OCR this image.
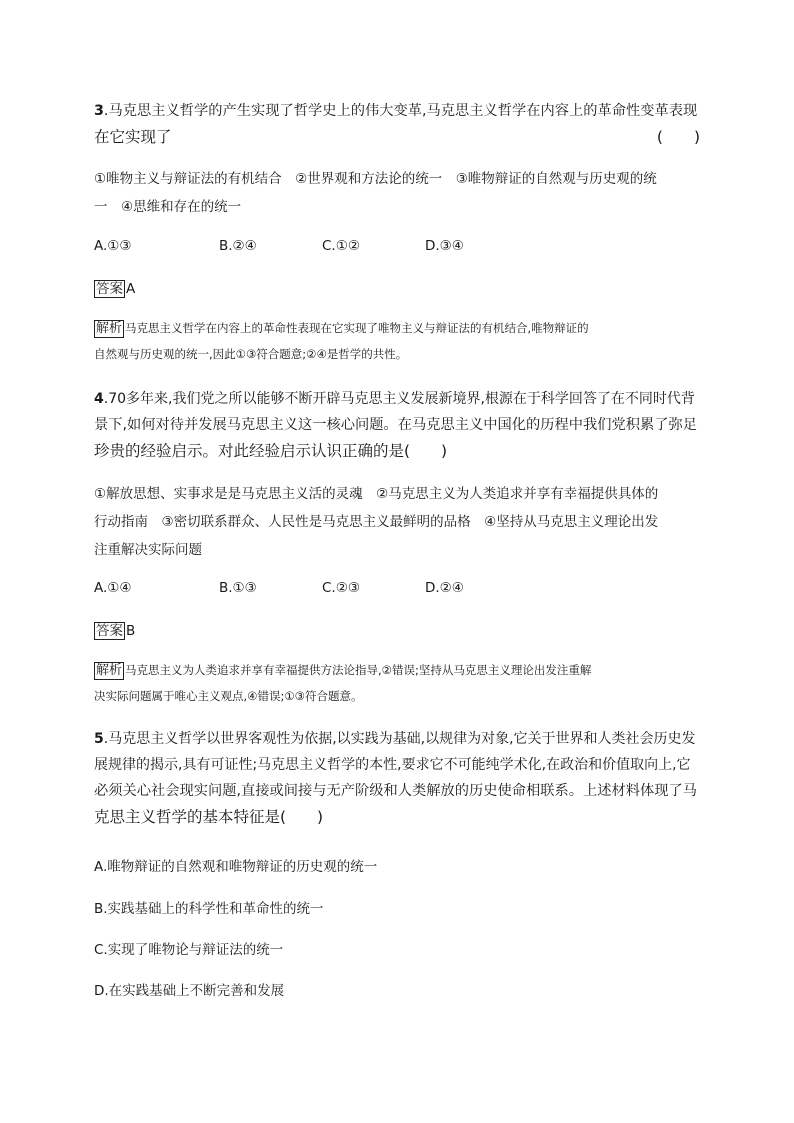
3.马克思主义哲学的产生实现了哲学史上的伟大变革,马克思主义哲学在内容上的革命性变革表现
在它实现了	(　　)
①唯物主义与辩证法的有机结合　②世界观和方法论的统一　③唯物辩证的自然观与历史观的统
一　④思维和存在的统一
A.①③	B.②④	C.①②	D.③④
答案 A
解析 马克思主义哲学在内容上的革命性表现在它实现了唯物主义与辩证法的有机结合,唯物辩证的
自然观与历史观的统一,因此①③符合题意;②④是哲学的共性。
4.70多年来,我们党之所以能够不断开辟马克思主义发展新境界,根源在于科学回答了在不同时代背
景下,如何对待并发展马克思主义这一核心问题。在马克思主义中国化的历程中我们党积累了弥足
珍贵的经验启示。对此经验启示认识正确的是(　　)
①解放思想、实事求是是马克思主义活的灵魂　②马克思主义为人类追求并享有幸福提供具体的
行动指南　③密切联系群众、人民性是马克思主义最鲜明的品格　④坚持从马克思主义理论出发
注重解决实际问题
A.①④	B.①③	C.②③	D.②④
答案 B
解析 马克思主义为人类追求并享有幸福提供方法论指导,②错误;坚持从马克思主义理论出发注重解
决实际问题属于唯心主义观点,④错误;①③符合题意。
5.马克思主义哲学以世界客观性为依据,以实践为基础,以规律为对象,它关于世界和人类社会历史发
展规律的揭示,具有可证性;马克思主义哲学的本性,要求它不可能纯学术化,在政治和价值取向上,它
必须关心社会现实问题,直接或间接与无产阶级和人类解放的历史使命相联系。上述材料体现了马
克思主义哲学的基本特征是(　　)
A.唯物辩证的自然观和唯物辩证的历史观的统一
B.实践基础上的科学性和革命性的统一
C.实现了唯物论与辩证法的统一
D.在实践基础上不断完善和发展
